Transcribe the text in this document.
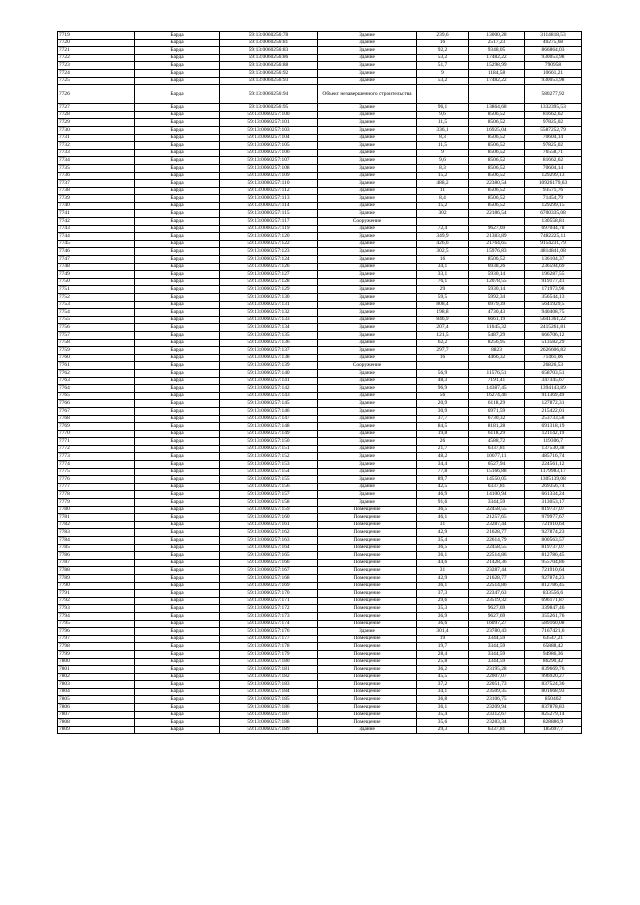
7719	Барда	59:13:0060256:78	Здание	239,6	13000,28	3114818,53
7720	Барда	59:13:0060256:81	Здание	16	2517,23	40275,68
7721	Барда	59:13:0060256:83	Здание	92,2	9348,05	866864,03
7722	Барда	59:13:0060256:86	Здание	53,2	17482,22	930053,98
7723	Барда	59:13:0060256:88	Здание	51,7	15298,99	790958
7724	Барда	59:13:0060256:92	Здание	9	1184,58	10661,21
7725	Барда	59:13:0060256:93	Здание	53,2	17482,22	930053,98
7726	Барда	59:13:0060256:94	Объект незавершенного строительства			580277,92
7727	Барда	59:13:0060256:95	Здание	96,1	13864,68	1332395,53
7728	Барда	59:13:0060257:100	Здание	9,6	8506,52	81662,62
7729	Барда	59:13:0060257:101	Здание	11,5	8506,52	97825,02
7730	Барда	59:13:0060257:103	Здание	336,1	16925,04	5587252,79
7731	Барда	59:13:0060257:104	Здание	8,3	8506,52	70604,14
7732	Барда	59:13:0060257:105	Здание	11,5	8506,52	97825,02
7733	Барда	59:13:0060257:106	Здание	9	8506,52	76558,71
7734	Барда	59:13:0060257:107	Здание	9,6	8506,52	81662,62
7735	Барда	59:13:0060257:108	Здание	8,3	8506,52	70604,14
7736	Барда	59:13:0060257:109	Здание	15,2	8506,52	129299,13
7737	Барда	59:13:0060257:110	Здание	488,2	22380,54	10926179,63
7738	Барда	59:13:0060257:112	Здание	11	8506,52	93571,76
7739	Барда	59:13:0060257:113	Здание	8,4	8506,52	71454,79
7740	Барда	59:13:0060257:114	Здание	15,2	8506,52	129299,15
7741	Барда	59:13:0060257:115	Здание	302	22186,54	6700335,08
7742	Барда	59:13:0060257:117	Сооружение			130558,81
7743	Барда	59:13:0060257:119	Здание	72,4	9627,69	697044,78
7744	Барда	59:13:0060257:120	Здание	349,9	21383,89	7482225,11
7745	Барда	59:13:0060257:122	Здание	426,6	21764,65	9154231,79
7746	Барда	59:13:0060257:123	Здание	302,5	15976,83	4814841,08
7747	Барда	59:13:0060257:124	Здание	16	8506,52	136104,37
7748	Барда	59:13:0060257:126	Здание	34,1	6938,26	236594,69
7749	Барда	59:13:0060257:127	Здание	33,1	5930,14	196287,55
7750	Барда	59:13:0060257:128	Здание	76,1	12078,55	919177,41
7751	Барда	59:13:0060257:129	Здание	29	5930,14	171973,98
7752	Барда	59:13:0060257:130	Здание	59,5	5992,34	356544,13
7753	Барда	59:13:0060257:131	Здание	808,4	6979,39	5641929,5
7754	Барда	59:13:0060257:132	Здание	198,8	4730,43	940408,75
7755	Барда	59:13:0060257:133	Здание	846,9	6661,19	5641361,22
7756	Барда	59:13:0060257:134	Здание	207,4	11645,32	2415261,81
7757	Барда	59:13:0060257:135	Здание	121,5	5487,29	666706,12
7758	Барда	59:13:0060257:136	Здание	62,2	8256,95	513582,29
7759	Барда	59:13:0060257:137	Здание	297,7	8823	2626606,82
7760	Барда	59:13:0060257:138	Здание	16	4466,32	71461,06
7761	Барда	59:13:0060257:139	Сооружение			26826,53
7762	Барда	59:13:0060257:140	Здание	56,9	11576,51	658703,51
7763	Барда	59:13:0060257:141	Здание	48,3	7191,41	347345,67
7764	Барда	59:13:0060257:142	Здание	96,9	14387,45	1394143,89
7765	Барда	59:13:0060257:143	Здание	56	16274,46	911369,49
7766	Барда	59:13:0060257:145	Здание	20,9	6118,29	127872,31
7767	Барда	59:13:0060257:146	Здание	30,9	6971,59	215422,01
7768	Барда	59:13:0060257:147	Здание	37,7	6730,32	253733,58
7769	Барда	59:13:0060257:148	Здание	84,5	8181,28	691318,19
7770	Барда	59:13:0060257:149	Здание	19,8	6118,29	121142,19
7771	Барда	59:13:0060257:150	Здание	26	4588,72	119306,7
7772	Барда	59:13:0060257:151	Здание	21,7	6337,81	137530,38
7773	Барда	59:13:0060257:152	Здание	48,2	10077,11	485716,74
7774	Барда	59:13:0060257:153	Здание	34,4	6527,94	224561,12
7775	Барда	59:13:0060257:154	Здание	77,8	15166,88	1179983,17
7776	Барда	59:13:0060257:155	Здание	89,7	14550,05	1305139,08
7777	Барда	59:13:0060257:156	Здание	42,5	6337,81	269356,74
7778	Барда	59:13:0060257:157	Здание	46,9	14100,94	661334,24
7779	Барда	59:13:0060257:158	Здание	91,6	3344,59	313053,17
7780	Барда	59:13:0060257:159	Помещение	36,5	22458,55	819737,07
7781	Барда	59:13:0060257:160	Помещение	46,1	21257,65	979977,67
7782	Барда	59:13:0060257:161	Помещение	31	23287,44	721910,64
7783	Барда	59:13:0060257:162	Помещение	42,9	21628,77	927874,23
7784	Барда	59:13:0060257:163	Помещение	35,4	22614,79	800563,57
7785	Барда	59:13:0060257:164	Помещение	36,5	22458,55	819737,07
7786	Барда	59:13:0060257:165	Помещение	36,1	22514,86	812786,45
7787	Барда	59:13:0060257:166	Помещение	44,6	21428,36	955704,86
7788	Барда	59:13:0060257:167	Помещение	31	23287,44	721910,64
7789	Барда	59:13:0060257:168	Помещение	42,9	21628,77	927874,23
7790	Барда	59:13:0060257:169	Помещение	36,1	22514,86	812786,45
7791	Барда	59:13:0060257:170	Помещение	37,3	22347,63	833556,6
7792	Барда	59:13:0060257:171	Помещение	29,6	23519,32	696171,87
7793	Барда	59:13:0060257:172	Помещение	35,3	9627,69	339847,46
7794	Барда	59:13:0060257:173	Помещение	36,9	9627,69	355261,76
7795	Барда	59:13:0060257:174	Помещение	36,6	16097,27	589160,08
7796	Барда	59:13:0060257:176	Здание	301,4	23780,43	7167421,6
7797	Барда	59:13:0060257:177	Помещение	19	3344,59	63547,21
7798	Барда	59:13:0060257:178	Помещение	19,7	3344,59	65888,42
7799	Барда	59:13:0060257:179	Помещение	28,4	3344,59	94986,36
7800	Барда	59:13:0060257:180	Помещение	25,8	3344,59	86290,42
7801	Барда	59:13:0060257:181	Помещение	36,2	23195,28	839669,76
7802	Барда	59:13:0060257:182	Помещение	45,5	22007,07	996920,27
7803	Барда	59:13:0060257:183	Помещение	37,2	22051,73	837524,36
7804	Барда	59:13:0060257:184	Помещение	34,1	23509,35	801668,93
7805	Барда	59:13:0060257:185	Помещение	36,8	23106,75	850462
7806	Барда	59:13:0060257:186	Помещение	36,1	23209,94	837878,83
7807	Барда	59:13:0060257:187	Помещение	35,4	23312,67	825279,14
7808	Барда	59:13:0060257:188	Помещение	35,6	23283,34	828886,9
7809	Барда	59:13:0060257:189	Здание	29,3	6337,81	185697,7
